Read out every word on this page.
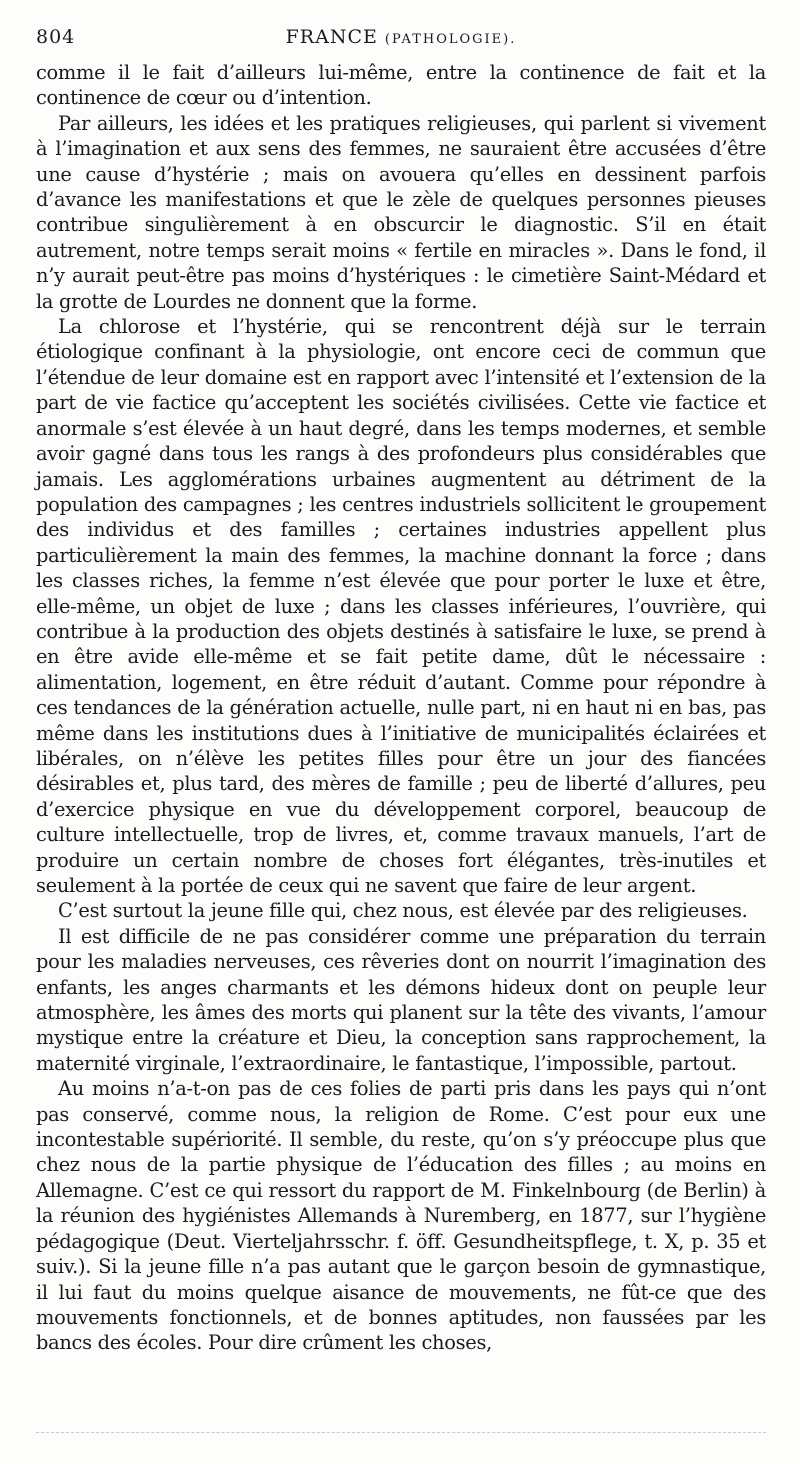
804	FRANCE (PATHOLOGIE).

comme il le fait d’ailleurs lui-même, entre la continence de fait et la continence de cœur ou d’intention.

Par ailleurs, les idées et les pratiques religieuses, qui parlent si vivement à l’imagination et aux sens des femmes, ne sauraient être accusées d’être une cause d’hystérie ; mais on avouera qu’elles en dessinent parfois d’avance les manifestations et que le zèle de quelques personnes pieuses contribue singulièrement à en obscurcir le diagnostic. S’il en était autrement, notre temps serait moins « fertile en miracles ». Dans le fond, il n’y aurait peut-être pas moins d’hystériques : le cimetière Saint-Médard et la grotte de Lourdes ne donnent que la forme.

La chlorose et l’hystérie, qui se rencontrent déjà sur le terrain étiologique confinant à la physiologie, ont encore ceci de commun que l’étendue de leur domaine est en rapport avec l’intensité et l’extension de la part de vie factice qu’acceptent les sociétés civilisées. Cette vie factice et anormale s’est élevée à un haut degré, dans les temps modernes, et semble avoir gagné dans tous les rangs à des profondeurs plus considérables que jamais. Les agglomérations urbaines augmentent au détriment de la population des campagnes ; les centres industriels sollicitent le groupement des individus et des familles ; certaines industries appellent plus particulièrement la main des femmes, la machine donnant la force ; dans les classes riches, la femme n’est élevée que pour porter le luxe et être, elle-même, un objet de luxe ; dans les classes inférieures, l’ouvrière, qui contribue à la production des objets destinés à satisfaire le luxe, se prend à en être avide elle-même et se fait petite dame, dût le nécessaire : alimentation, logement, en être réduit d’autant. Comme pour répondre à ces tendances de la génération actuelle, nulle part, ni en haut ni en bas, pas même dans les institutions dues à l’initiative de municipalités éclairées et libérales, on n’élève les petites filles pour être un jour des fiancées désirables et, plus tard, des mères de famille ; peu de liberté d’allures, peu d’exercice physique en vue du développement corporel, beaucoup de culture intellectuelle, trop de livres, et, comme travaux manuels, l’art de produire un certain nombre de choses fort élégantes, très-inutiles et seulement à la portée de ceux qui ne savent que faire de leur argent.

C’est surtout la jeune fille qui, chez nous, est élevée par des religieuses.

Il est difficile de ne pas considérer comme une préparation du terrain pour les maladies nerveuses, ces rêveries dont on nourrit l’imagination des enfants, les anges charmants et les démons hideux dont on peuple leur atmosphère, les âmes des morts qui planent sur la tête des vivants, l’amour mystique entre la créature et Dieu, la conception sans rapprochement, la maternité virginale, l’extraordinaire, le fantastique, l’impossible, partout.

Au moins n’a-t-on pas de ces folies de parti pris dans les pays qui n’ont pas conservé, comme nous, la religion de Rome. C’est pour eux une incontestable supériorité. Il semble, du reste, qu’on s’y préoccupe plus que chez nous de la partie physique de l’éducation des filles ; au moins en Allemagne. C’est ce qui ressort du rapport de M. Finkelnbourg (de Berlin) à la réunion des hygiénistes Allemands à Nuremberg, en 1877, sur l’hygiène pédagogique (Deut. Vierteljahrsschr. f. öff. Gesundheitspflege, t. X, p. 35 et suiv.). Si la jeune fille n’a pas autant que le garçon besoin de gymnastique, il lui faut du moins quelque aisance de mouvements, ne fût-ce que des mouvements fonctionnels, et de bonnes aptitudes, non faussées par les bancs des écoles. Pour dire crûment les choses,
